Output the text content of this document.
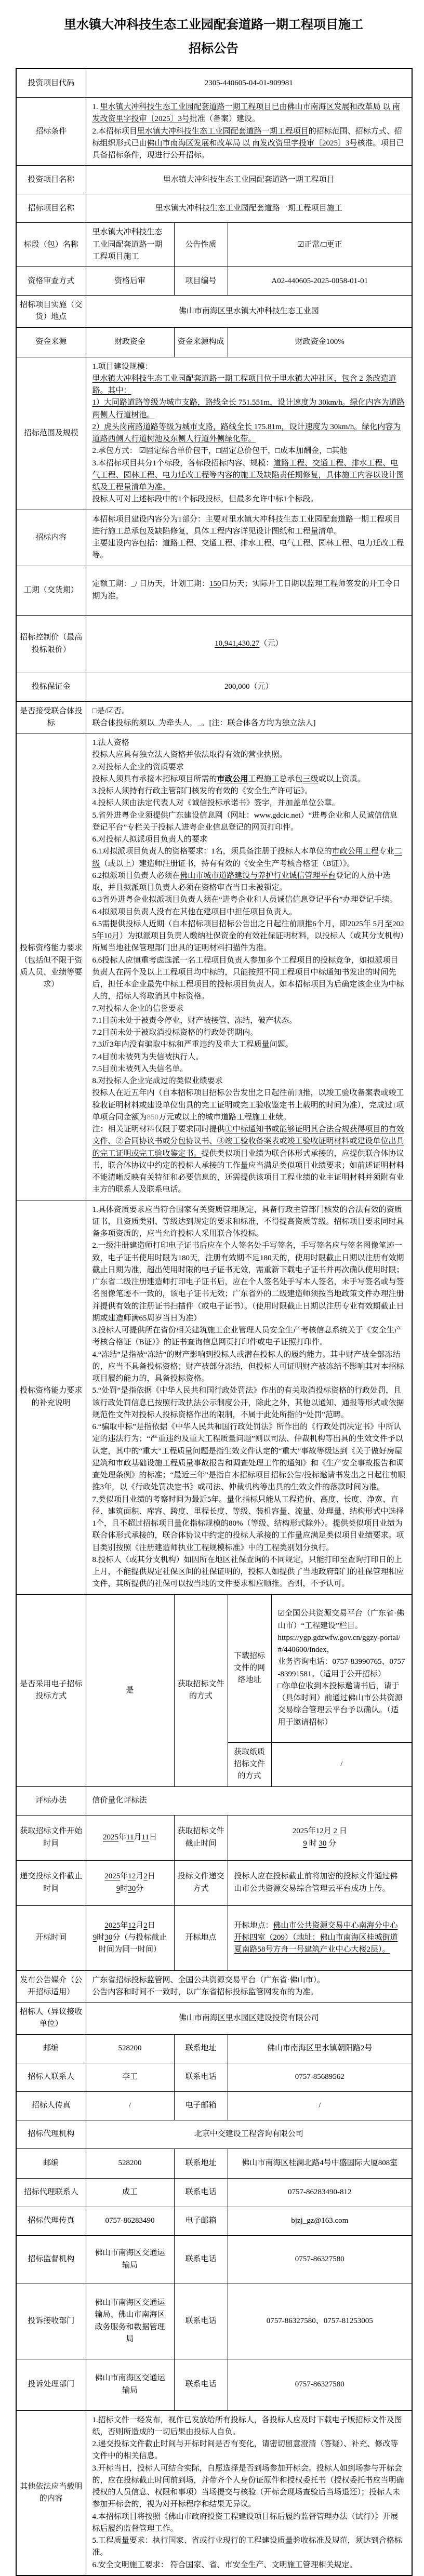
里水镇大冲科技生态工业园配套道路一期工程项目施工
招标公告
投资项目代码	2305-440605-04-01-909981			
招标条件	1. 里水镇大冲科技生态工业园配套道路一期工程项目已由佛山市南海区发展和改革局 以 南发改资里字投审〔2025〕3号批准（备案）建设。
2.本招标项目里水镇大冲科技生态工业园配套道路一期工程项目的招标范围、招标方式、招标组织形式已由佛山市南海区发展和改革局 以 南发改资里字投审〔2025〕3号核准。项目已具备招标条件，现进行公开招标。			

投资项目名称	里水镇大冲科技生态工业园配套道路一期工程项目			
招标项目名称	里水镇大冲科技生态工业园配套道路一期工程项目施工			
标段（包）名称	里水镇大冲科技生态工业园配套道路一期工程项目施工	公告性质	☑正常/□更正	
资格审查方式	资格后审	项目编号	A02-440605-2025-0058-01-01	
招标项目实施（交货）地点	佛山市南海区里水镇大冲科技生态工业园			
资金来源	财政资金	资金来源构成	财政资金100%	
招标范围及规模	
1.项目建设规模：
里水镇大冲科技生态工业园配套道路一期工程项目位于里水镇大冲社区，包含 2 条改造道路。其中：
1）大同路道路等级为城市支路，路线全长 751.551m，设计速度为 30km/h。绿化内容为道路两侧人行道树池。
2）虎头岗南路道路等级为城市支路，路线全长 175.81m，设计速度为 30km/h。绿化内容为道路西侧人行道树池及东侧人行道外侧绿化带。
2.承包方式： ☑固定综合单价包干，□固定总价包干，□成本加酬金，□其他
3.本招标项目共分1个标段，各标段招标内容、规模：道路工程、交通工程、排水工程、电气工程、园林工程、电力迁改工程等内容的施工及缺陷责任期修复，具体施工内容以设计图纸及工程量清单为准。
投标人可对上述标段中的1个标段投标，但最多允许中标1个标段。

招标内容	本招标项目建设内容分为1部分：主要对里水镇大冲科技生态工业园配套道路一期工程项目进行施工总承包及缺陷修复，具体工程内容详见设计图纸和工程量清单。
主要建设内容包括：道路工程、交通工程、排水工程、电气工程、园林工程、电力迁改工程等。			

工期（交货期）	定额工期：_/ 日历天，计划工期：150日历天；实际开工日期以监理工程师签发的开工令日期为准。			

招标控制价（最高投标限价）	10,941,430.27（元）			

投标保证金	200,000（元）			
是否接受联合体投标	□是/☑否。
联合体投标的须以_为牵头人，_。[注：联合体各方均为独立法人]			

投标资格能力要求（包括但不限于资质人员、业绩等要求）	
1.法人资格
投标人应具有独立法人资格并依法取得有效的营业执照。
2.对投标人企业的资质要求
投标人须具有承接本招标项目所需的市政公用工程施工总承包三级或以上资质。
3.投标人须持有行政主管部门核发的有效的《安全生产许可证》。
4.投标人须由法定代表人对《诚信投标承诺书》签字，并加盖单位公章。
5.省外进粤企业须提供广东建设信息网（网址：www.gdcic.net）“进粤企业和人员诚信信息登记平台”专栏关于投标人进粤企业信息登记的网页打印件。
6.对投标人拟派项目负责人的要求
6.1对拟派项目负责人的资格要求：1名，须具备注册于投标人本单位的市政公用工程专业二级（或以上）建造师注册证书，持有有效的《安全生产考核合格证（B证）》。
6.2拟派项目负责人必须在佛山市城市道路建设与养护行业诚信管理平台登记的人员中选取，并且拟派项目负责人必须在资格审查当日未被锁定。
6.3省外进粤企业拟派项目负责人须在“进粤企业和人员诚信信息登记平台”办理登记手续。
6.4拟派项目负责人没有在其他在建项目中担任项目负责人。
6.5需提供投标人近期（自本招标项目招标公告出之日起往前顺推6个月，即2025年 5月至2025年10月）为拟派项目负责人缴纳社保资金的有效社保证明材料，以投标人（或其分支机构）所属当地社保管理部门出具的证明材料扫描件为准。
6.6投标人应慎重考虑选派一名工程项目负责人参加多个工程项目的投标竞争，如拟派项目负责人在两个及以上工程项目均中标的，只能按照不同工程项目中标通知书发出的时间先后，担任本企业最先中标工程项目的投标项目负责人。如本招标项目为后确定该企业为中标人的，招标人将取消其中标资格。
7.对投标人企业的信誉要求
7.1目前未处于被责令停业，财产被接管、冻结，破产状态。
7.2目前未处于被取消投标资格的行政处罚期内。
7.3近3年内没有骗取中标和严重违约及重大工程质量问题。
7.4目前未被列为失信被执行人。
7.5目前未被列入失信名单。
8.对投标人企业完成过的类似业绩要求
投标人在近五年内（自本招标项目招标公告发出之日起往前顺推，以竣工验收备案表或竣工验收证明材料或建设单位出具的完工证明或完工验收鉴定书上载明的时间为准），完成过1项单项合同金额为850万元或以上的城市道路工程施工业绩。
注：相关证明材料仅限于要求同时提供①中标通知书或能够证明其合法合规获得项目的有效文件、②合同协议书或分包协议书、③竣工验收备案表或竣工验收证明材料或建设单位出具的完工证明或完工验收鉴定书。提供类似项目业绩为联合体形式承接的，应提供联合体协议书，联合体协议中约定的投标人承接的工作量应当满足类似项目业绩要求；如前述证明材料不能清晰反映有关特征和必要信息的，还需提供该项目工程业绩的业主证明材料并须附有业主方的联系人及联系电话。

投标资格能力要求的补充说明	
1.具体资质要求应当符合国家有关资质管理规定，具备行政主管部门核发的合法有效的资质证书，且资质类别、等级达到规定的要求和标准，不得提高资质等级。招标项目要求同时具备多项资质的，应当允许投标人采用联合体投标。
2.一级注册建造师打印电子证书后应在个人签名处手写签名，手写签名应与签名图像笔迹一致，电子证书使用时限为180天，注册有效期不足180天的，使用时限截止日期以注册有效期截止日期为准，超出使用时限的电子证书无效，需重新下载电子证书并再次确认使用时限；广东省二级注册建造师打印电子证书后，应在个人签名处手写本人签名，未手写签名或与签名图像笔迹不一致的，该电子证书无效；广东省外的二级建造师须按当地政策文件办理注册并提供有效的注册证书扫描件（或电子证书）。（使用时限截止日期以注册专业有效期截止日期或建造师满65周岁当日为准）
3.投标人可提供所在省份相关建筑施工企业管理人员安全生产考核信息系统关于《安全生产考核合格证（B证）》的证书查询信息网页打印件或电子证照打印件。
4.“冻结”是指被“冻结”的财产影响到投标人或潜在投标人的履约能力。其中财产被全部冻结的，应当不具备投标资格；财产被部分冻结，但投标人可证明财产被冻结不影响其对本招标项目履约能力的，具备投标资格。
5.“处罚”是指依据《中华人民共和国行政处罚法》作出的有关取消投标资格的行政处罚，且该行政处罚信息已按照行政执法公示制度公开，除此之外，其他以通知、通报等形式或依据规范性文件对投标人投标资格作出的限制，不属于此处所指的“处罚”范畴。
6.“骗取中标”是指依据《中华人民共和国行政处罚法》所作出的《行政处罚决定书》中所认定的违法行为；“严重违约及重大工程质量问题”则以司法、仲裁机构等出具的生效文件予以认定，其中的“重大”工程质量问题是指生效文件认定的“重大”事故等级达到《关于做好房屋建筑和市政基础设施工程质量事故报告和调查处理工作的通知》和《生产安全事故报告和调查处理条例》的标准；“最近三年”是指自本招标项目招标公告/投标邀请书发出之日起往前顺推3年，以《行政处罚决定书》或司法、仲裁机构等出具的生效文件的落款时间为准。
7.类似项目业绩的考察时间为最近5年。量化指标只能从工程造价、高度、长度、净宽、直径、建筑面积、库容、跨度、里程长度、等级、装机容量、流量、处理量、结构形式中选择1个，且不超过招标项目量化指标规模的80%（等级、结构形式除外）。提供类似项目业绩为联合体形式承接的，联合体协议中约定的投标人承接的工作量应满足类似项目业绩要求。项目类别按照《注册建造师执业工程规模标准》中的工程类别划分执行。
8.投标人（或其分支机构）如因所在地区社保查询的不同规定，只能打印至查询打印日的上上月，不能提供规定社保区间的社保证明的，投标人如提供了当地政府部门的社保管理相应文件，其所提供的社保可以按当地的文件要求相应顺推。否则，不予认可。

是否采用电子招标投标方式	是	获取招标文件的方式	下载招标文件的网络地址	☑全国公共资源交易平台（广东省·佛山市）“工程建设”栏目。
https://ygp.gdzwfw.gov.cn/ggzy-portal/#/440600/index，
业务咨询电话：0757-83990765、0757-83991581。（适用于公开招标）
□你单位收到本投标邀请书后，请于（具体时间）前通过佛山市公共资源交易综合管理云平台予以确认。（适用于邀请招标）

			获取纸质招标文件的方式	/
评标办法	信价量化评标法			
获取招标文件开始时间	2025年11月11日	获取招标文件截止时间	2025年12月 2 日
9 时 30 分	

递交投标文件截止时间	2025年12月2日
9时30分	投标文件递交方式	投标人应在投标截止前将加密的投标文件通过佛山市公共资源交易综合管理云平台成功上传。	
开标时间	2025年12月2日
9时30分（与投标截止时间为同一时间）	开标地点	开标地点：佛山市公共资源交易中心南海分中心开标四室（209）（地址：佛山市南海区桂城街道夏南路58号方舟一号建筑产业中心大楼2层）。	

发布公告媒介（公开招标适用）	广东省招标投标监管网、全国公共资源交易平台（广东省·佛山市）。
公告内容和时间不一致时，以广东省招标投标监管网发布的为准。			

招标人（异议接收单位）	佛山市南海区里水园区建设投资有限公司			
邮编	528200	联系地址	佛山市南海区里水镇朝阳路2号	
招标人联系人	李工	联系电话	0757-85689562	
招标人传真	/	电子邮箱	/	
招标代理机构	北京中交建设工程咨询有限公司			
邮编	528200	联系地址	佛山市南海区桂澜北路4号中盛国际大厦808室	
招标代理联系人	成工	联系电话	0757-86283490-812	
招标代理传真	0757-86283490	电子邮箱	bjzj_gz@163.com	
招标监督机构	佛山市南海区交通运输局	联系电话	0757-86327580	
投诉接收部门	佛山市南海区交通运输局、佛山市南海区政务服务和数据管理局	联系电话	0757-86327580、0757-81253005	
投诉处理部门	佛山市南海区交通运输局	联系电话	0757-86327580	
其他依法应当载明的内容	
1.招标文件一经发布，视作已发放给所有投标人，各投标人应及时下载电子版招标文件及图纸，否则所造成的一切后果由投标人自负。
2.递交投标文件截止时间与开标时间是否有变化，请密切留意澄清（答疑）、补充、修改等文件中的相关信息。
3.开标当日，投标人可结合实际，自愿选择是否到场参加开标会。投标人如到场参与开标会的，应在投标截止时间前到场，并带齐个人身份证原件和授权委托书（授权委托书应当明确授权的人员信息、权限和事项）当场提交与核验（开标会现场查验后当场退还）；投标人未参加开标会的，视为对开标程序和结果无异议。
4.本招标项目将按照《佛山市政府投资工程建设项目标后履约监督管理办法（试行）》开展标后履约监督管理工作。
5.工程质量要求：执行国家、省或行业现行的工程建设质量验收标准及规范，须达到合格标准。
6.安全文明施工要求： 符合国家、省、市安全生产、文明施工管理相关规定。
